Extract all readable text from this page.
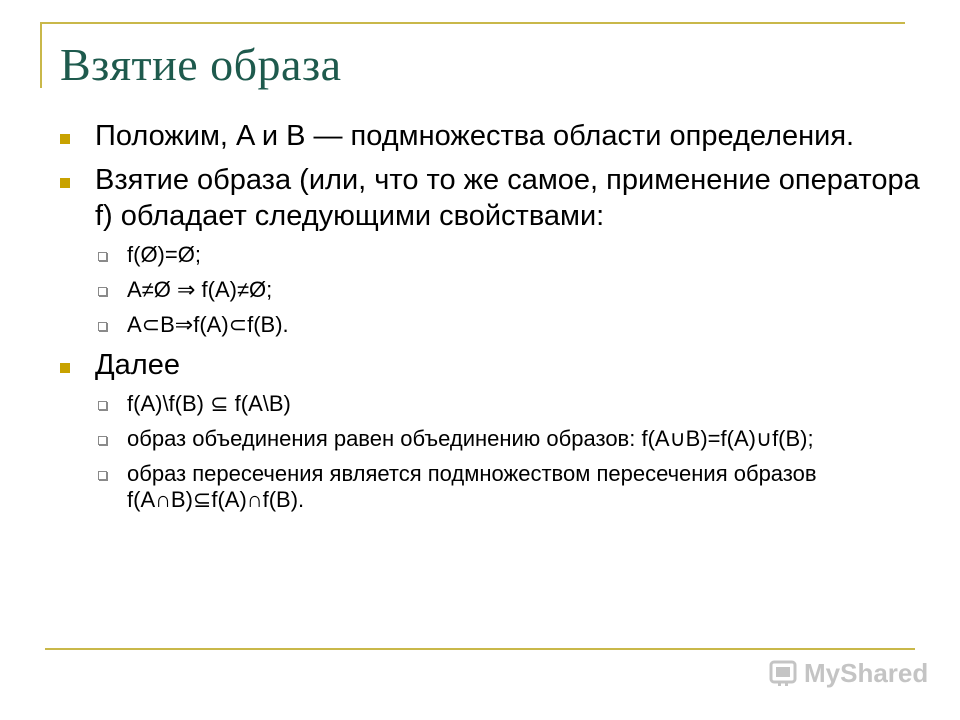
Взятие образа
Положим, A и B — подмножества области определения.
Взятие образа (или, что то же самое, применение оператора f) обладает следующими свойствами:
f(Ø)=Ø;
A≠Ø ⇒ f(A)≠Ø;
A⊂B⇒f(A)⊂f(B).
Далее
f(A)\f(B) ⊆ f(A\B)
образ объединения равен объединению образов: f(A∪B)=f(A)∪f(B);
образ пересечения является подмножеством пересечения образов f(A∩B)⊆f(A)∩f(B).
MyShared
